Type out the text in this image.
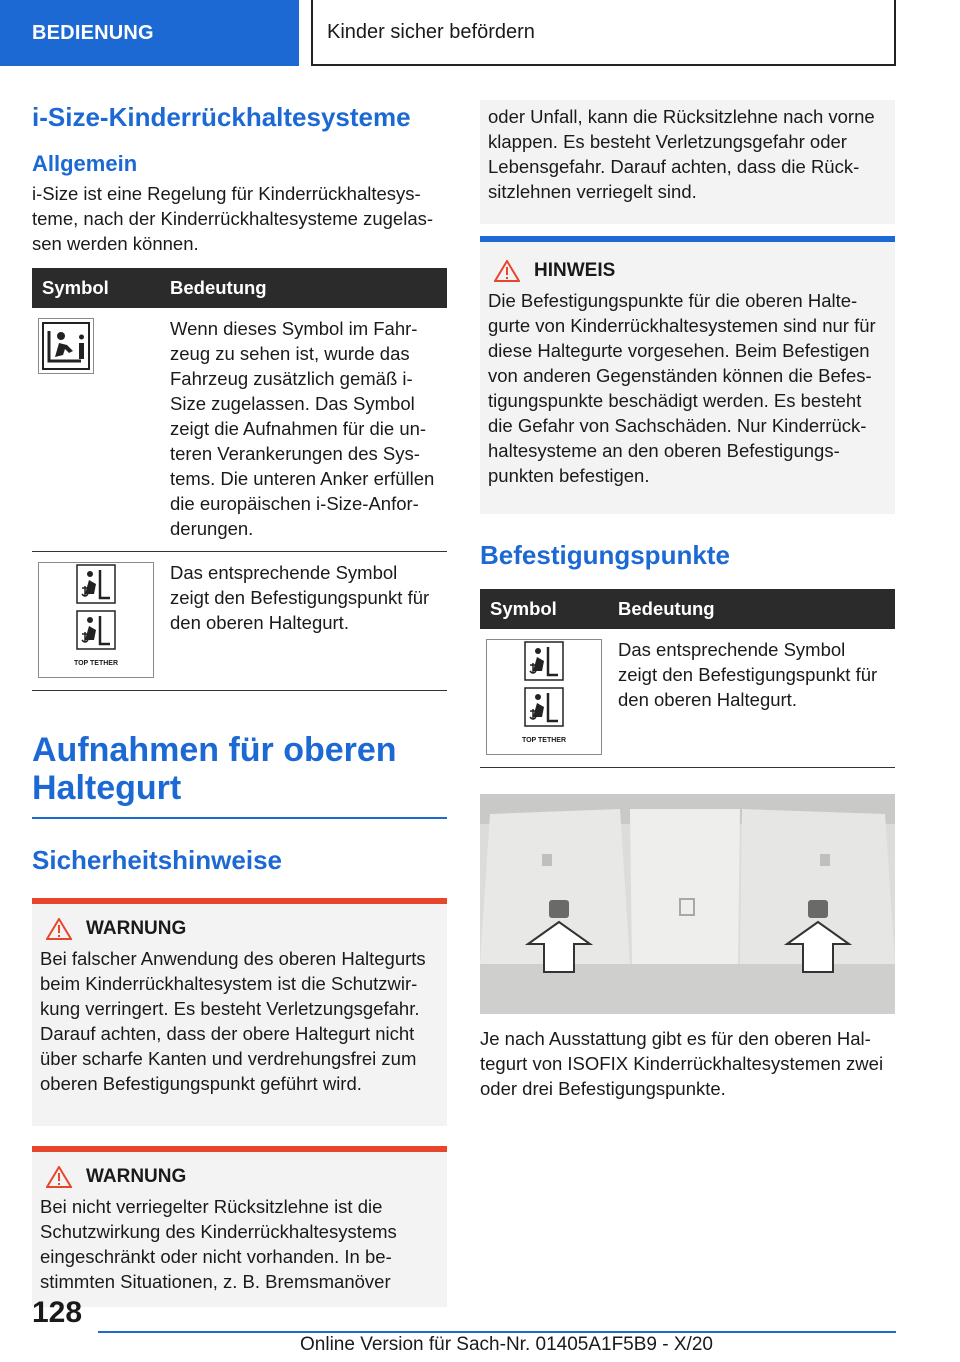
BEDIENUNG	Kinder sicher befördern
i-Size-Kinderrückhaltesysteme
Allgemein

i-Size ist eine Regelung für Kinderrückhaltesys-teme, nach der Kinderrückhaltesysteme zugelas-sen werden können.

Symbol	Bedeutung

	Wenn dieses Symbol im Fahr-zeug zu sehen ist, wurde das Fahrzeug zusätzlich gemäß i-Size zugelassen. Das Symbol zeigt die Aufnahmen für die un-teren Verankerungen des Sys-tems. Die unteren Anker erfüllen die europäischen i-Size-Anfor-derungen.

TOP TETHER	Das entsprechende Symbol zeigt den Befestigungspunkt für den oberen Haltegurt.
Aufnahmen für oberen Haltegurt
Sicherheitshinweise
WARNUNG

Bei falscher Anwendung des oberen Haltegurts beim Kinderrückhaltesystem ist die Schutzwir-kung verringert. Es besteht Verletzungsgefahr. Darauf achten, dass der obere Haltegurt nicht über scharfe Kanten und verdrehungsfrei zum oberen Befestigungspunkt geführt wird.

WARNUNG

Bei nicht verriegelter Rücksitzlehne ist die Schutzwirkung des Kinderrückhaltesystems eingeschränkt oder nicht vorhanden. In be-stimmten Situationen, z. B. Bremsmanöver

oder Unfall, kann die Rücksitzlehne nach vorne klappen. Es besteht Verletzungsgefahr oder Lebensgefahr. Darauf achten, dass die Rück-sitzlehnen verriegelt sind.

HINWEIS

Die Befestigungspunkte für die oberen Halte-gurte von Kinderrückhaltesystemen sind nur für diese Haltegurte vorgesehen. Beim Befestigen von anderen Gegenständen können die Befes-tigungspunkte beschädigt werden. Es besteht die Gefahr von Sachschäden. Nur Kinderrück-haltesysteme an den oberen Befestigungs-punkten befestigen.

Befestigungspunkte
Symbol	Bedeutung

TOP TETHER	Das entsprechende Symbol zeigt den Befestigungspunkt für den oberen Haltegurt.

Je nach Ausstattung gibt es für den oberen Hal-tegurt von ISOFIX Kinderrückhaltesystemen zwei oder drei Befestigungspunkte.

128
Online Version für Sach-Nr. 01405A1F5B9 - X/20
